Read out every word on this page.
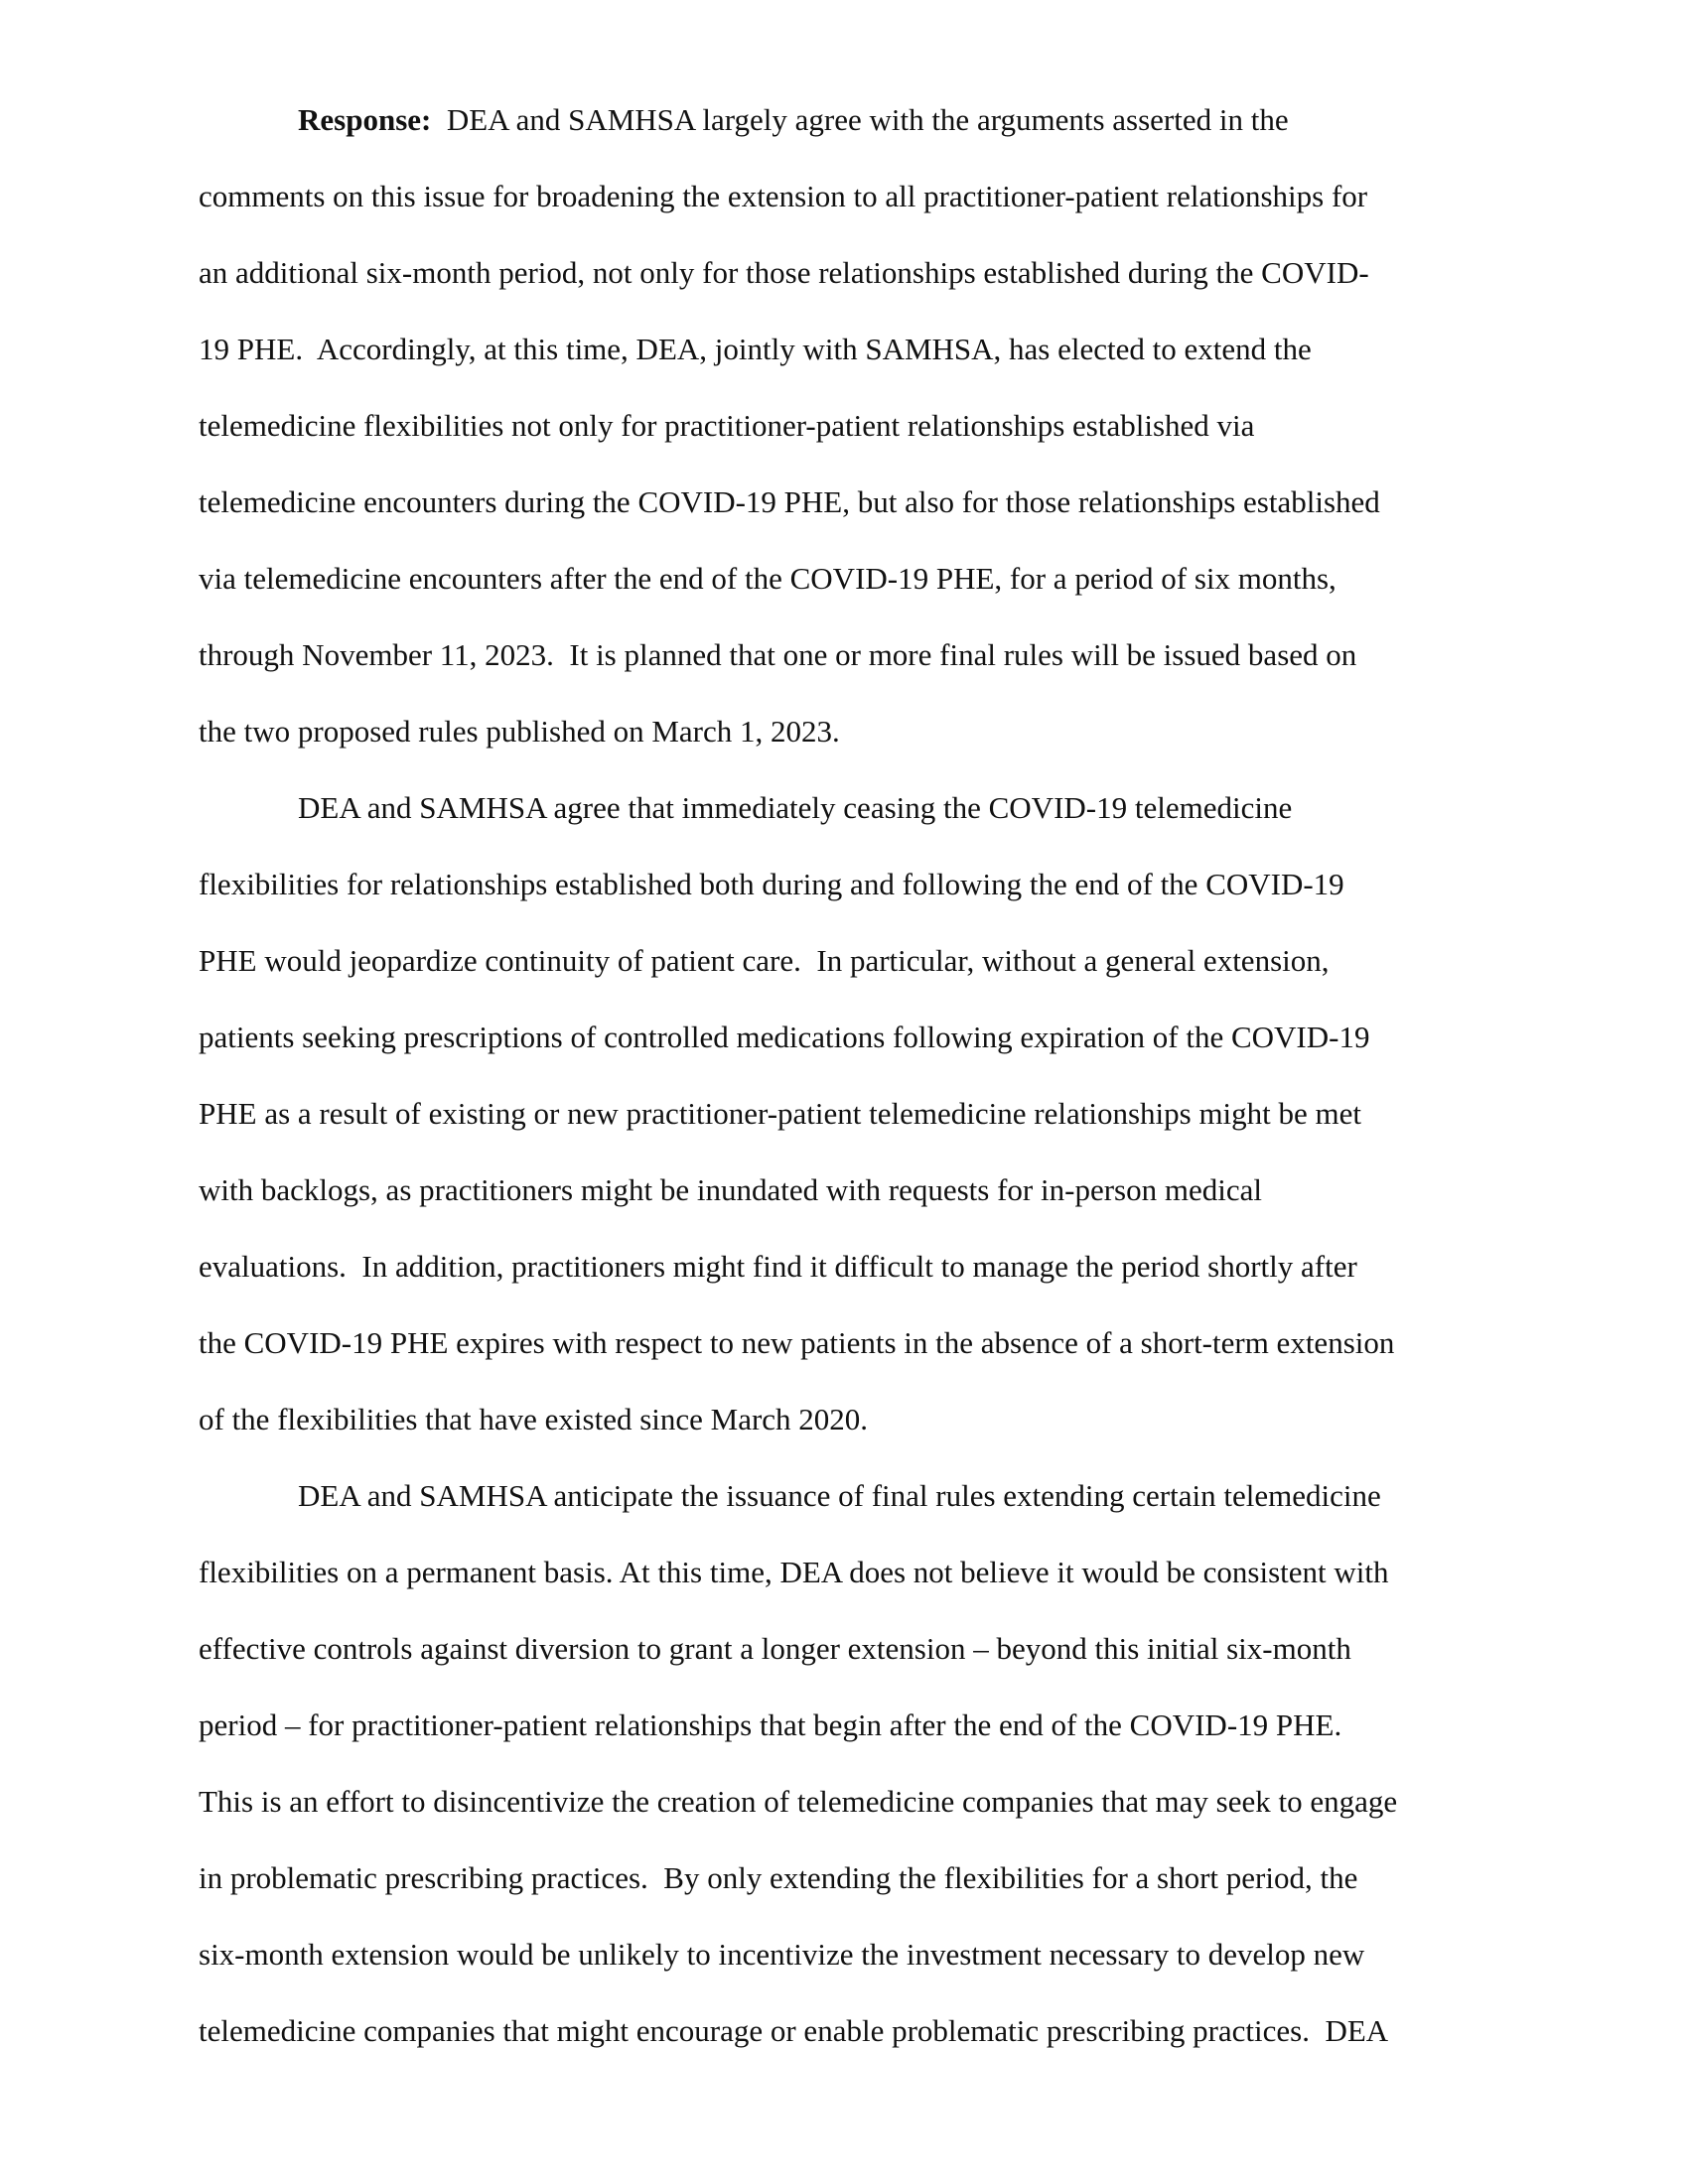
Response:  DEA and SAMHSA largely agree with the arguments asserted in the
comments on this issue for broadening the extension to all practitioner-patient relationships for
an additional six-month period, not only for those relationships established during the COVID-
19 PHE.  Accordingly, at this time, DEA, jointly with SAMHSA, has elected to extend the
telemedicine flexibilities not only for practitioner-patient relationships established via
telemedicine encounters during the COVID-19 PHE, but also for those relationships established
via telemedicine encounters after the end of the COVID-19 PHE, for a period of six months,
through November 11, 2023.  It is planned that one or more final rules will be issued based on
the two proposed rules published on March 1, 2023.
DEA and SAMHSA agree that immediately ceasing the COVID-19 telemedicine
flexibilities for relationships established both during and following the end of the COVID-19
PHE would jeopardize continuity of patient care.  In particular, without a general extension,
patients seeking prescriptions of controlled medications following expiration of the COVID-19
PHE as a result of existing or new practitioner-patient telemedicine relationships might be met
with backlogs, as practitioners might be inundated with requests for in-person medical
evaluations.  In addition, practitioners might find it difficult to manage the period shortly after
the COVID-19 PHE expires with respect to new patients in the absence of a short-term extension
of the flexibilities that have existed since March 2020.
DEA and SAMHSA anticipate the issuance of final rules extending certain telemedicine
flexibilities on a permanent basis. At this time, DEA does not believe it would be consistent with
effective controls against diversion to grant a longer extension – beyond this initial six-month
period – for practitioner-patient relationships that begin after the end of the COVID-19 PHE.
This is an effort to disincentivize the creation of telemedicine companies that may seek to engage
in problematic prescribing practices.  By only extending the flexibilities for a short period, the
six-month extension would be unlikely to incentivize the investment necessary to develop new
telemedicine companies that might encourage or enable problematic prescribing practices.  DEA
